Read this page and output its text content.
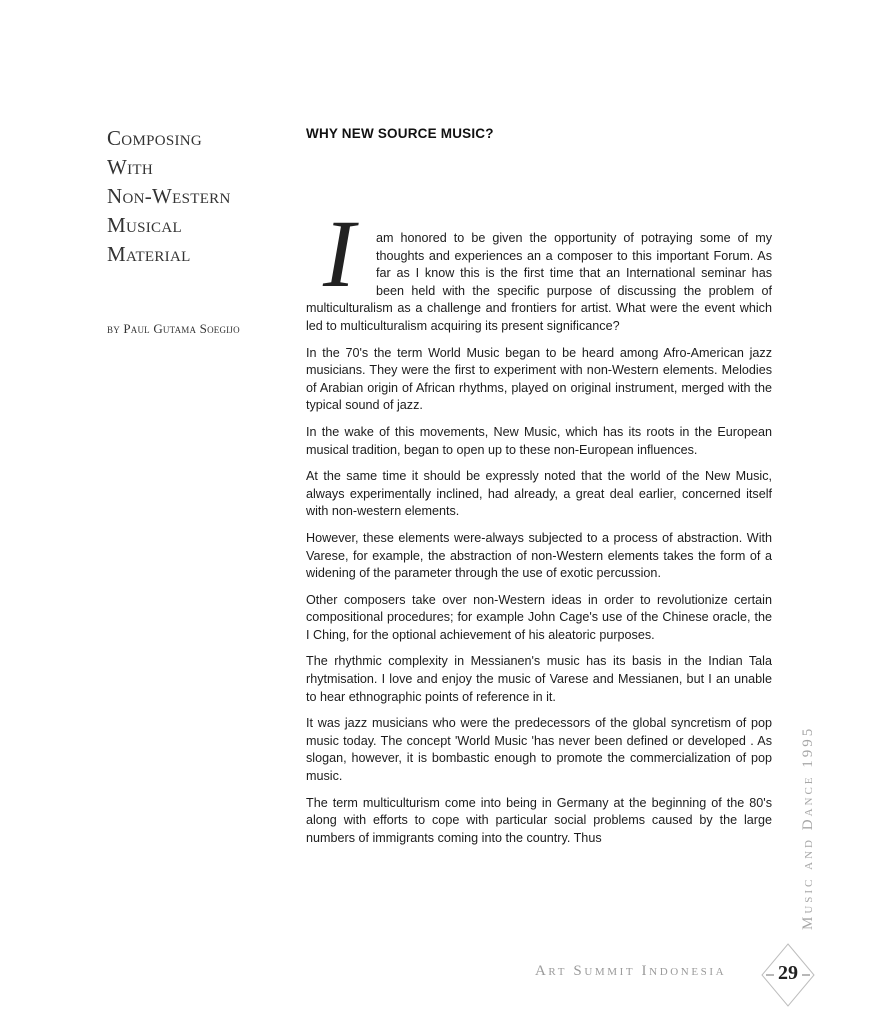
Composing
With
Non-Western
Musical
Material
by Paul Gutama Soegijo
WHY NEW SOURCE MUSIC?

I	am honored to be given the opportunity of potraying some of my thoughts and experiences an a composer to this important Forum. As far as I know this is the first time that an International seminar has been held with the specific purpose of discussing the problem of multiculturalism as a challenge and frontiers for artist. What were the event which led to multiculturalism acquiring its present significance?

In the 70's the term World Music began to be heard among Afro-American jazz musicians. They were the first to experiment with non-Western elements. Melodies of Arabian origin of African rhythms, played on original instrument, merged with the typical sound of jazz.

In the wake of this movements, New Music, which has its roots in the European musical tradition, began to open up to these non-European influences.

At the same time it should be expressly noted that the world of the New Music, always experimentally inclined, had already, a great deal earlier, concerned itself with non-western elements.

However, these elements were-always subjected to a process of abstraction. With Varese, for example, the abstraction of non-Western elements takes the form of a widening of the parameter through the use of exotic percussion.

Other composers take over non-Western ideas in order to revolutionize certain compositional procedures; for example John Cage's use of the Chinese oracle, the I Ching, for the optional achievement of his aleatoric purposes.

The rhythmic complexity in Messianen's music has its basis in the Indian Tala rhytmisation. I love and enjoy the music of Varese and Messianen, but I an unable to hear ethnographic points of reference in it.

It was jazz musicians who were the predecessors of the global syncretism of pop music today. The concept 'World Music 'has never been defined or developed . As slogan, however, it is bombastic enough to promote the commercialization of pop music.

The term multiculturism come into being in Germany at the beginning of the 80's along with efforts to cope with particular social problems caused by the large numbers of immigrants coming into the country. Thus	Music and Dance 1995
Art Summit Indonesia	29
